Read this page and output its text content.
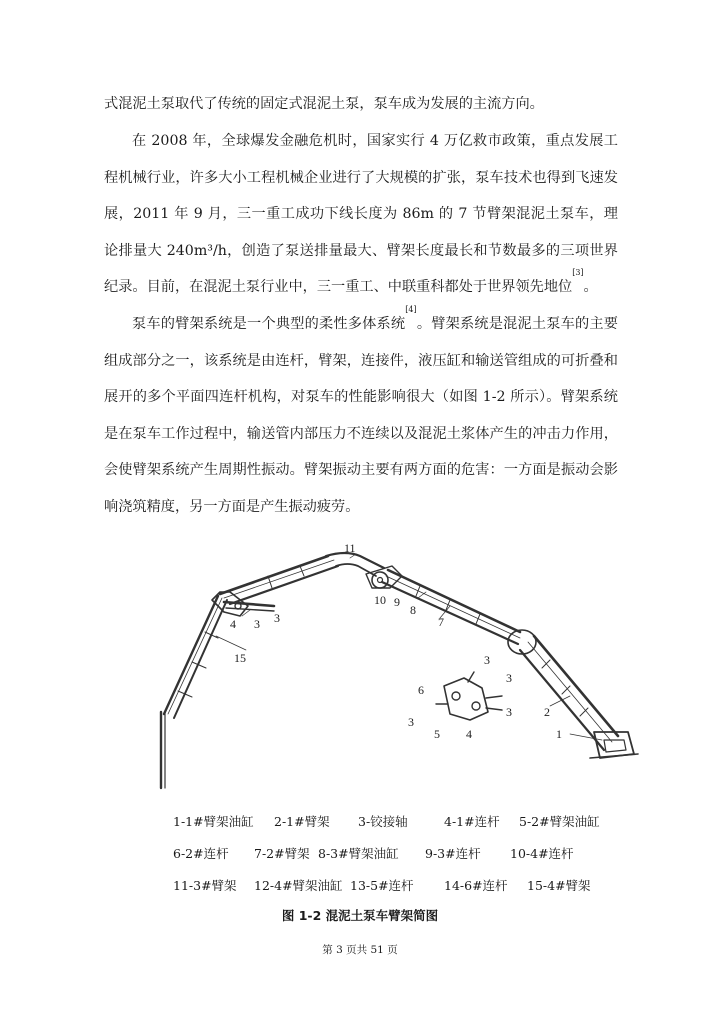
式混泥土泵取代了传统的固定式混泥土泵，泵车成为发展的主流方向。
在 2008 年，全球爆发金融危机时，国家实行 4 万亿救市政策，重点发展工程机械行业，许多大小工程机械企业进行了大规模的扩张，泵车技术也得到飞速发展，2011 年 9 月，三一重工成功下线长度为 86m 的 7 节臂架混泥土泵车，理论排量大 240m³/h，创造了泵送排量最大、臂架长度最长和节数最多的三项世界纪录。目前，在混泥土泵行业中，三一重工、中联重科都处于世界领先地位[3]。
泵车的臂架系统是一个典型的柔性多体系统[4]。臂架系统是混泥土泵车的主要组成部分之一，该系统是由连杆，臂架，连接件，液压缸和输送管组成的可折叠和展开的多个平面四连杆机构，对泵车的性能影响很大（如图 1-2 所示）。臂架系统是在泵车工作过程中，输送管内部压力不连续以及混泥土浆体产生的冲击力作用，会使臂架系统产生周期性振动。臂架振动主要有两方面的危害：一方面是振动会影响浇筑精度，另一方面是产生振动疲劳。
11
10 9
8
7
3
3
4
15
2
1
3
3
3
3
6
5 4
1-1#臂架油缸 2-1#臂架 3-铰接轴	4-1#连杆 5-2#臂架油缸
6-2#连杆 7-2#臂架 8-3#臂架油缸 9-3#连杆 10-4#连杆
11-3#臂架 12-4#臂架油缸 13-5#连杆 14-6#连杆 15-4#臂架
图 1-2 混泥土泵车臂架简图
第 3 页共 51 页
